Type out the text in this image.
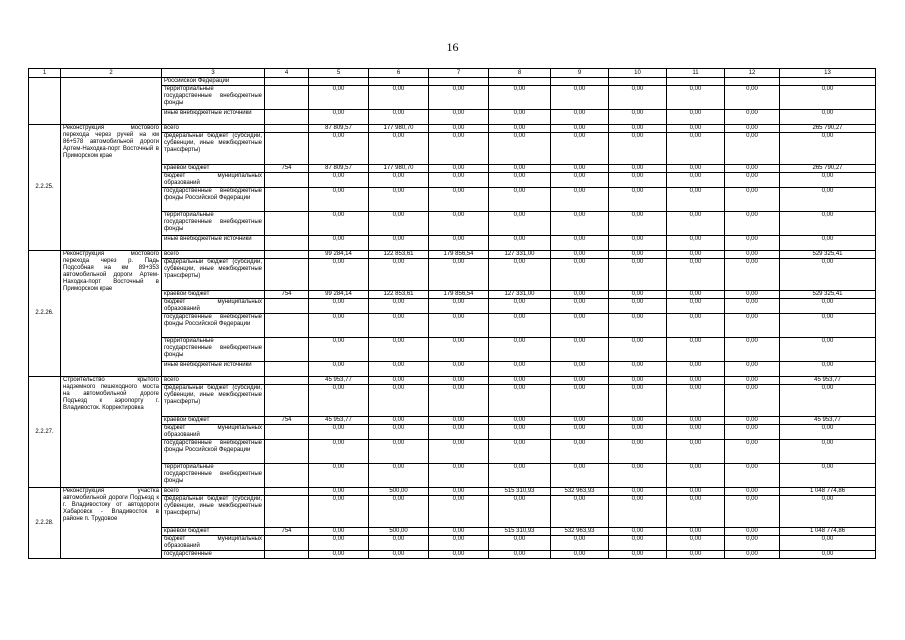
16
1	2	3	4	5	6	7	8	9	10	11	12	13
		Российской Федерации										
		территориальные государственные внебюджетные фонды		0,00	0,00	0,00	0,00	0,00	0,00	0,00	0,00	0,00
		иные внебюджетные источники		0,00	0,00	0,00	0,00	0,00	0,00	0,00	0,00	0,00
2.2.25.	Реконструкция мостового перехода через ручей на км 86+578 автомобильной дороги Артем-Находка-порт Восточный в Приморском крае	всего		87 809,57	177 980,70	0,00	0,00	0,00	0,00	0,00	0,00	265 790,27
		федеральный бюджет (субсидии, субвенции, иные межбюджетные трансферты)		0,00	0,00	0,00	0,00	0,00	0,00	0,00	0,00	0,00
		краевой бюджет	754	87 809,57	177 980,70	0,00	0,00	0,00	0,00	0,00	0,00	265 790,27
		бюджет муниципальных образований		0,00	0,00	0,00	0,00	0,00	0,00	0,00	0,00	0,00
		государственные внебюджетные фонды Российской Федерации		0,00	0,00	0,00	0,00	0,00	0,00	0,00	0,00	0,00
		территориальные государственные внебюджетные фонды		0,00	0,00	0,00	0,00	0,00	0,00	0,00	0,00	0,00
		иные внебюджетные источники		0,00	0,00	0,00	0,00	0,00	0,00	0,00	0,00	0,00
2.2.26.	Реконструкция мостового перехода через р. Падь Подсобная на км 89+353 автомобильной дороги Артем-Находка-порт Восточный в Приморском крае	всего		99 284,14	122 853,61	179 856,54	127 331,00	0,00	0,00	0,00	0,00	529 325,41
		федеральный бюджет (субсидии, субвенции, иные межбюджетные трансферты)		0,00	0,00	0,00	0,00	0,00	0,00	0,00	0,00	0,00
		краевой бюджет	754	99 284,14	122 853,61	179 856,54	127 331,00	0,00	0,00	0,00	0,00	529 325,41
		бюджет муниципальных образований		0,00	0,00	0,00	0,00	0,00	0,00	0,00	0,00	0,00
		государственные внебюджетные фонды Российской Федерации		0,00	0,00	0,00	0,00	0,00	0,00	0,00	0,00	0,00
		территориальные государственные внебюджетные фонды		0,00	0,00	0,00	0,00	0,00	0,00	0,00	0,00	0,00
		иные внебюджетные источники		0,00	0,00	0,00	0,00	0,00	0,00	0,00	0,00	0,00
2.2.27.	Строительство крытого надземного пешеходного моста на автомобильной дороге Подъезд к аэропорту г. Владивосток. Корректировка	всего		45 953,77	0,00	0,00	0,00	0,00	0,00	0,00	0,00	45 953,77
		федеральный бюджет (субсидии, субвенции, иные межбюджетные трансферты)		0,00	0,00	0,00	0,00	0,00	0,00	0,00	0,00	0,00
		краевой бюджет	754	45 953,77	0,00	0,00	0,00	0,00	0,00	0,00	0,00	45 953,77
		бюджет муниципальных образований		0,00	0,00	0,00	0,00	0,00	0,00	0,00	0,00	0,00
		государственные внебюджетные фонды Российской Федерации		0,00	0,00	0,00	0,00	0,00	0,00	0,00	0,00	0,00
		территориальные государственные внебюджетные фонды		0,00	0,00	0,00	0,00	0,00	0,00	0,00	0,00	0,00
2.2.28.	Реконструкция участка автомобильной дороги Подъезд к г. Владивостоку от автодороги Хабаровск - Владивосток в районе п. Трудовое	всего		0,00	500,00	0,00	515 310,93	532 963,93	0,00	0,00	0,00	1 048 774,86
		федеральный бюджет (субсидии, субвенции, иные межбюджетные трансферты)		0,00	0,00	0,00	0,00	0,00	0,00	0,00	0,00	0,00
		краевой бюджет	754	0,00	500,00	0,00	515 310,93	532 963,93	0,00	0,00	0,00	1 048 774,86
		бюджет муниципальных образований		0,00	0,00	0,00	0,00	0,00	0,00	0,00	0,00	0,00
		государственные		0,00	0,00	0,00	0,00	0,00	0,00	0,00	0,00	0,00
